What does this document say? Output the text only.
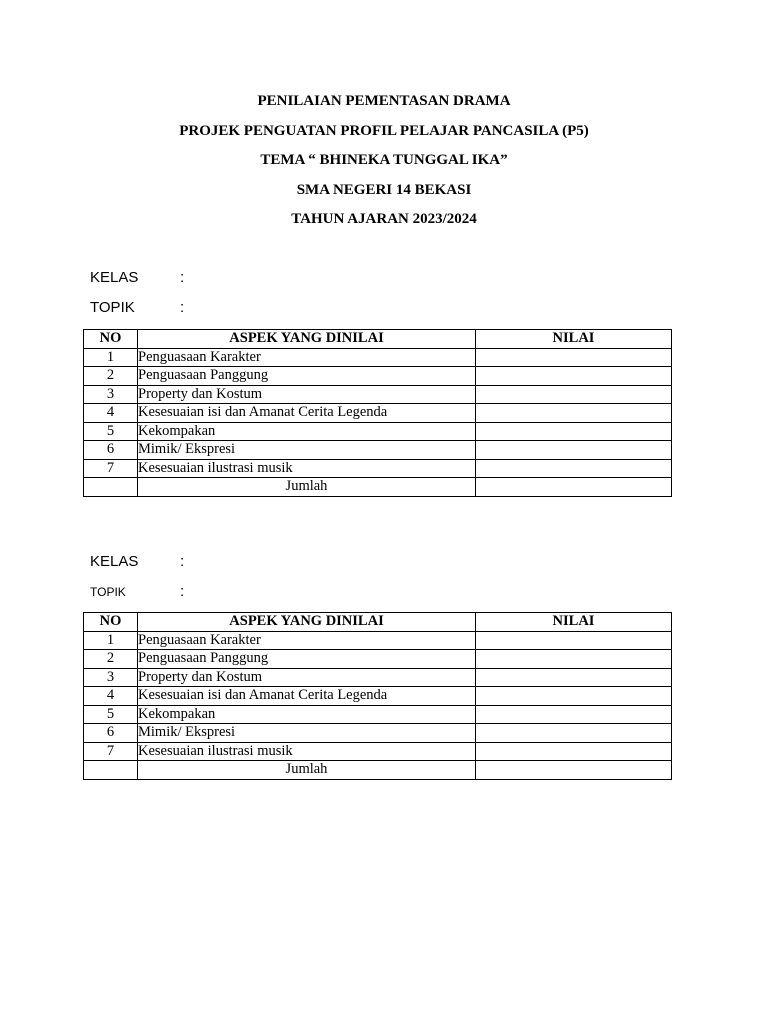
PENILAIAN PEMENTASAN DRAMA
PROJEK PENGUATAN PROFIL PELAJAR PANCASILA (P5)
TEMA “ BHINEKA TUNGGAL IKA”
SMA NEGERI 14 BEKASI
TAHUN AJARAN 2023/2024
KELAS	:
TOPIK	:
NO	ASPEK YANG DINILAI	NILAI
1	Penguasaan Karakter	
2	Penguasaan Panggung	
3	Property dan Kostum	
4	Kesesuaian isi dan Amanat Cerita Legenda	
5	Kekompakan	
6	Mimik/ Ekspresi	
7	Kesesuaian ilustrasi musik	
	Jumlah	
KELAS	:
TOPIK	:
NO	ASPEK YANG DINILAI	NILAI
1	Penguasaan Karakter	
2	Penguasaan Panggung	
3	Property dan Kostum	
4	Kesesuaian isi dan Amanat Cerita Legenda	
5	Kekompakan	
6	Mimik/ Ekspresi	
7	Kesesuaian ilustrasi musik	
	Jumlah	
